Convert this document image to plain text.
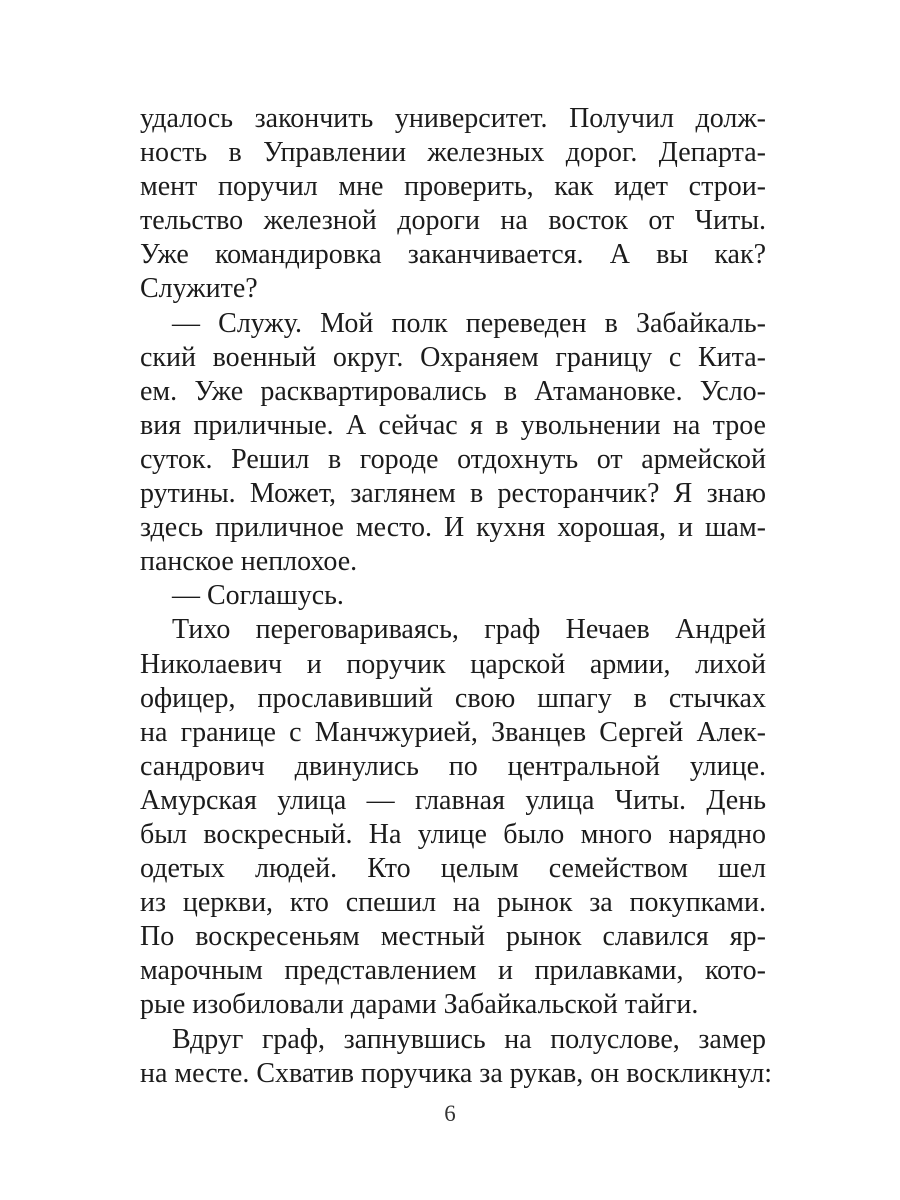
удалось закончить университет. Получил долж-
ность в Управлении железных дорог. Департа-
мент поручил мне проверить, как идет строи-
тельство железной дороги на восток от Читы.
Уже командировка заканчивается. А вы как?
Служите?
— Служу. Мой полк переведен в Забайкаль-
ский военный округ. Охраняем границу с Кита-
ем. Уже расквартировались в Атамановке. Усло-
вия приличные. А сейчас я в увольнении на трое
суток. Решил в городе отдохнуть от армейской
рутины. Может, заглянем в ресторанчик? Я знаю
здесь приличное место. И кухня хорошая, и шам-
панское неплохое.
— Соглашусь.
Тихо переговариваясь, граф Нечаев Андрей
Николаевич и поручик царской армии, лихой
офицер, прославивший свою шпагу в стычках
на границе с Манчжурией, Званцев Сергей Алек-
сандрович двинулись по центральной улице.
Амурская улица — главная улица Читы. День
был воскресный. На улице было много нарядно
одетых людей. Кто целым семейством шел
из церкви, кто спешил на рынок за покупками.
По воскресеньям местный рынок славился яр-
марочным представлением и прилавками, кото-
рые изобиловали дарами Забайкальской тайги.
Вдруг граф, запнувшись на полуслове, замер
на месте. Схватив поручика за рукав, он воскликнул:
6
